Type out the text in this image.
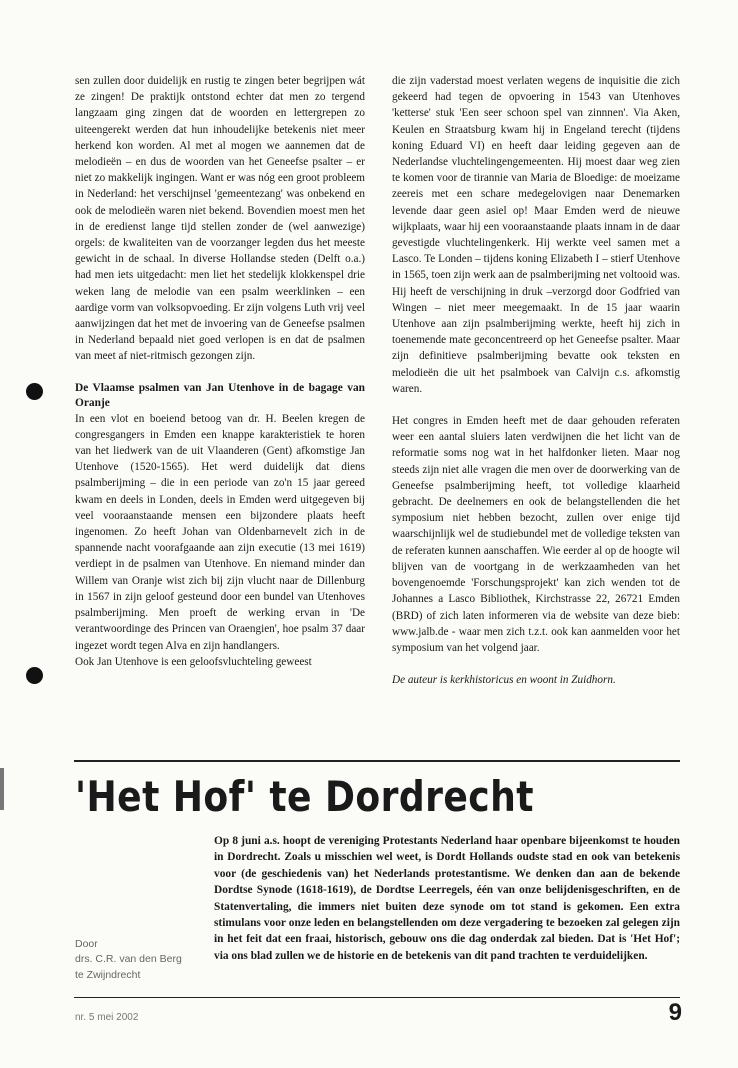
sen zullen door duidelijk en rustig te zingen beter begrijpen wát ze zingen! De praktijk ontstond echter dat men zo tergend langzaam ging zingen dat de woorden en lettergrepen zo uiteengerekt werden dat hun inhoudelijke betekenis niet meer herkend kon worden. Al met al mogen we aannemen dat de melodieën – en dus de woorden van het Geneefse psalter – er niet zo makkelijk ingingen. Want er was nóg een groot probleem in Nederland: het verschijnsel 'gemeentezang' was onbekend en ook de melodieën waren niet bekend. Bovendien moest men het in de eredienst lange tijd stellen zonder de (wel aanwezige) orgels: de kwaliteiten van de voorzanger legden dus het meeste gewicht in de schaal. In diverse Hollandse steden (Delft o.a.) had men iets uitgedacht: men liet het stedelijk klokkenspel drie weken lang de melodie van een psalm weerklinken – een aardige vorm van volksopvoeding. Er zijn volgens Luth vrij veel aanwijzingen dat het met de invoering van de Geneefse psalmen in Nederland bepaald niet goed verlopen is en dat de psalmen van meet af niet-ritmisch gezongen zijn.

De Vlaamse psalmen van Jan Utenhove in de bagage van Oranje

In een vlot en boeiend betoog van dr. H. Beelen kregen de congresgangers in Emden een knappe karakteristiek te horen van het liedwerk van de uit Vlaanderen (Gent) afkomstige Jan Utenhove (1520-1565). Het werd duidelijk dat diens psalmberijming – die in een periode van zo'n 15 jaar gereed kwam en deels in Londen, deels in Emden werd uitgegeven bij veel vooraanstaande mensen een bijzondere plaats heeft ingenomen. Zo heeft Johan van Oldenbarnevelt zich in de spannende nacht voorafgaande aan zijn executie (13 mei 1619) verdiept in de psalmen van Utenhove. En niemand minder dan Willem van Oranje wist zich bij zijn vlucht naar de Dillenburg in 1567 in zijn geloof gesteund door een bundel van Utenhoves psalmberijming. Men proeft de werking ervan in 'De verantwoordinge des Princen van Oraengien', hoe psalm 37 daar ingezet wordt tegen Alva en zijn handlangers.

Ook Jan Utenhove is een geloofsvluchteling geweest

die zijn vaderstad moest verlaten wegens de inquisitie die zich gekeerd had tegen de opvoering in 1543 van Utenhoves 'ketterse' stuk 'Een seer schoon spel van zinnnen'. Via Aken, Keulen en Straatsburg kwam hij in Engeland terecht (tijdens koning Eduard VI) en heeft daar leiding gegeven aan de Nederlandse vluchtelingengemeenten. Hij moest daar weg zien te komen voor de tirannie van Maria de Bloedige: de moeizame zeereis met een schare medegelovigen naar Denemarken levende daar geen asiel op! Maar Emden werd de nieuwe wijkplaats, waar hij een vooraanstaande plaats innam in de daar gevestigde vluchtelingenkerk. Hij werkte veel samen met a Lasco. Te Londen – tijdens koning Elizabeth I – stierf Utenhove in 1565, toen zijn werk aan de psalmberijming net voltooid was. Hij heeft de verschijning in druk –verzorgd door Godfried van Wingen – niet meer meegemaakt. In de 15 jaar waarin Utenhove aan zijn psalmberijming werkte, heeft hij zich in toenemende mate geconcentreerd op het Geneefse psalter. Maar zijn definitieve psalmberijming bevatte ook teksten en melodieën die uit het psalmboek van Calvijn c.s. afkomstig waren.

Het congres in Emden heeft met de daar gehouden referaten weer een aantal sluiers laten verdwijnen die het licht van de reformatie soms nog wat in het halfdonker lieten. Maar nog steeds zijn niet alle vragen die men over de doorwerking van de Geneefse psalmberijming heeft, tot volledige klaarheid gebracht. De deelnemers en ook de belangstellenden die het symposium niet hebben bezocht, zullen over enige tijd waarschijnlijk wel de studiebundel met de volledige teksten van de referaten kunnen aanschaffen. Wie eerder al op de hoogte wil blijven van de voortgang in de werkzaamheden van het bovengenoemde 'Forschungsprojekt' kan zich wenden tot de Johannes a Lasco Bibliothek, Kirchstrasse 22, 26721 Emden (BRD) of zich laten informeren via de website van deze bieb: www.jalb.de - waar men zich t.z.t. ook kan aanmelden voor het symposium van het volgend jaar.

De auteur is kerkhistoricus en woont in Zuidhorn.

'Het Hof' te Dordrecht
Door
drs. C.R. van den Berg
te Zwijndrecht

Op 8 juni a.s. hoopt de vereniging Protestants Nederland haar openbare bijeenkomst te houden in Dordrecht. Zoals u misschien wel weet, is Dordt Hollands oudste stad en ook van betekenis voor (de geschiedenis van) het Nederlands protestantisme. We denken dan aan de bekende Dordtse Synode (1618-1619), de Dordtse Leerregels, één van onze belijdenisgeschriften, en de Statenvertaling, die immers niet buiten deze synode om tot stand is gekomen. Een extra stimulans voor onze leden en belangstellenden om deze vergadering te bezoeken zal gelegen zijn in het feit dat een fraai, historisch, gebouw ons die dag onderdak zal bieden. Dat is 'Het Hof'; via ons blad zullen we de historie en de betekenis van dit pand trachten te verduidelijken.

nr. 5 mei 2002	9
